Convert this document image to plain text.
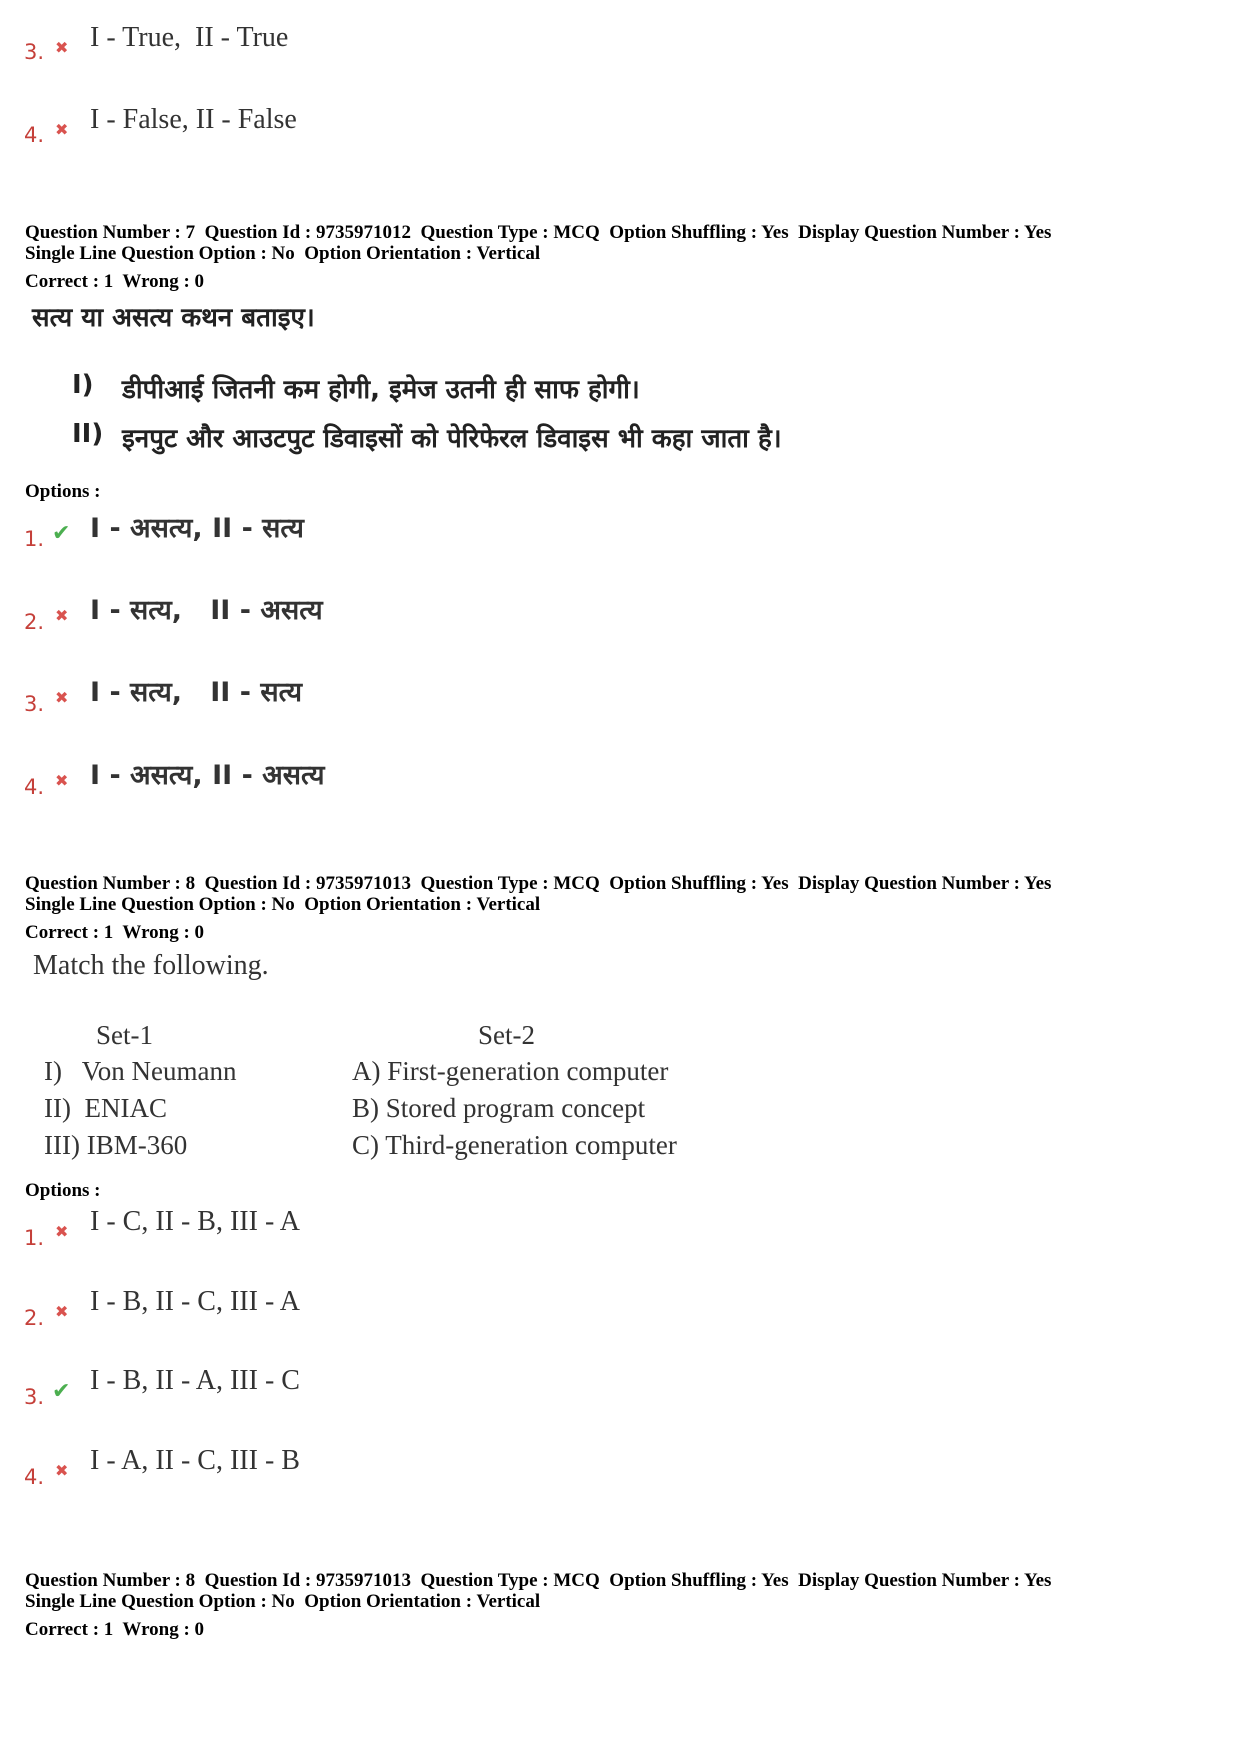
3. ✖ I - True,  II - True
4. ✖ I - False, II - False
Question Number : 7  Question Id : 9735971012  Question Type : MCQ  Option Shuffling : Yes  Display Question Number : Yes
Single Line Question Option : No  Option Orientation : Vertical
Correct : 1  Wrong : 0
सत्य या असत्य कथन बताइए।
I) डीपीआई जितनी कम होगी, इमेज उतनी ही साफ होगी।
II) इनपुट और आउटपुट डिवाइसों को पेरिफेरल डिवाइस भी कहा जाता है।
Options :
1. ✔ I - असत्य, II - सत्य
2. ✖ I - सत्य,   II - असत्य
3. ✖ I - सत्य,   II - सत्य
4. ✖ I - असत्य, II - असत्य
Question Number : 8  Question Id : 9735971013  Question Type : MCQ  Option Shuffling : Yes  Display Question Number : Yes
Single Line Question Option : No  Option Orientation : Vertical
Correct : 1  Wrong : 0
Match the following.
Set-1	Set-2
I)   Von Neumann
II)  ENIAC
III) IBM-360
A) First-generation computer
B) Stored program concept
C) Third-generation computer
Options :
1. ✖ I - C, II - B, III - A
2. ✖ I - B, II - C, III - A
3. ✔ I - B, II - A, III - C
4. ✖ I - A, II - C, III - B
Question Number : 8  Question Id : 9735971013  Question Type : MCQ  Option Shuffling : Yes  Display Question Number : Yes
Single Line Question Option : No  Option Orientation : Vertical
Correct : 1  Wrong : 0
